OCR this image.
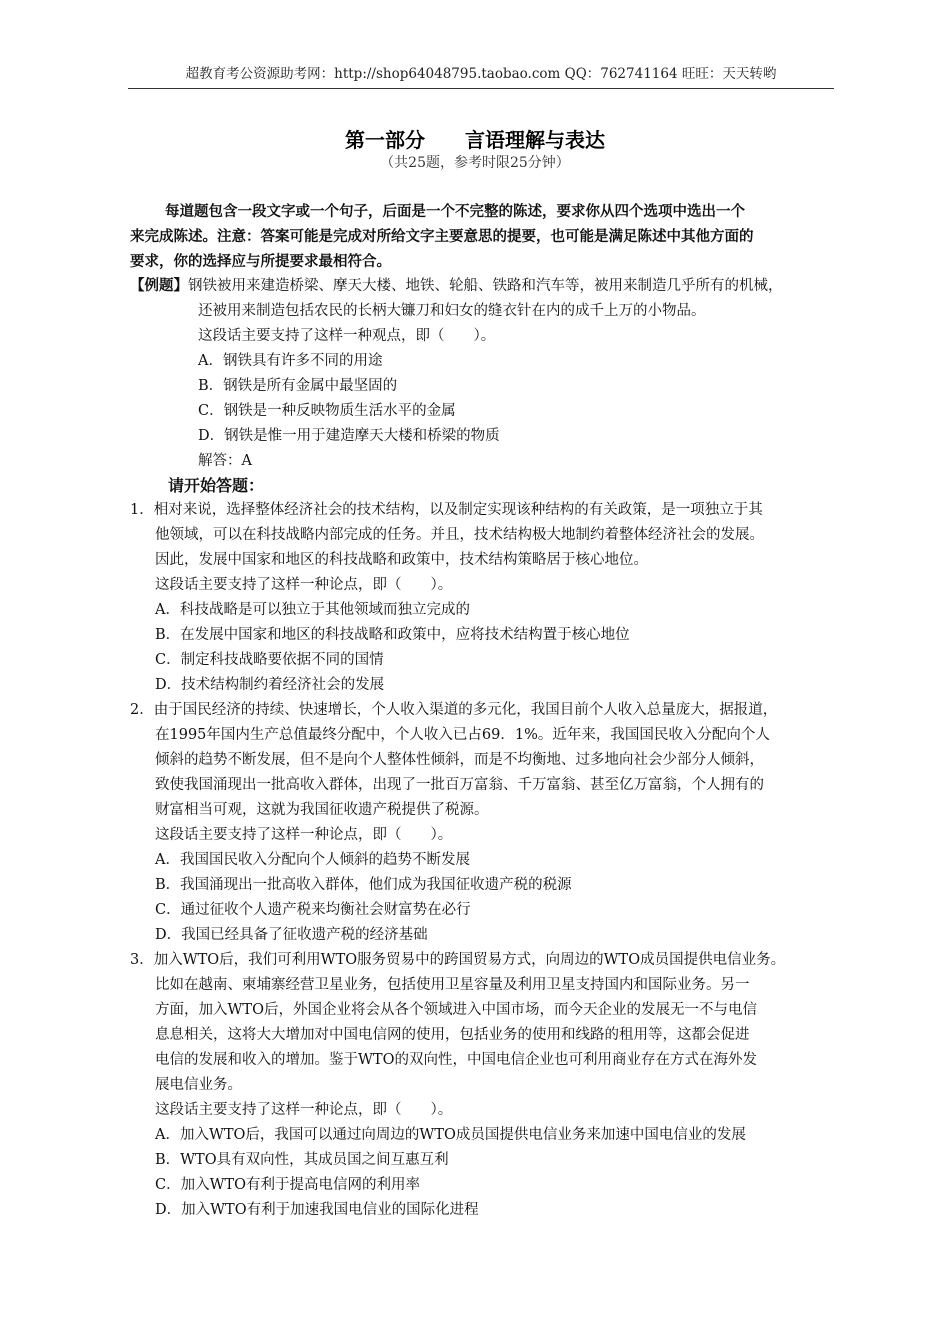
超教育考公资源助考网：http://shop64048795.taobao.com QQ：762741164 旺旺：天天转哟
第一部分　　言语理解与表达
（共25题，参考时限25分钟）
每道题包含一段文字或一个句子，后面是一个不完整的陈述，要求你从四个选项中选出一个
来完成陈述。注意：答案可能是完成对所给文字主要意思的提要，也可能是满足陈述中其他方面的
要求，你的选择应与所提要求最相符合。
【例题】钢铁被用来建造桥梁、摩天大楼、地铁、轮船、铁路和汽车等，被用来制造几乎所有的机械，
还被用来制造包括农民的长柄大镰刀和妇女的缝衣针在内的成千上万的小物品。
这段话主要支持了这样一种观点，即（　　）。
A．钢铁具有许多不同的用途
B．钢铁是所有金属中最坚固的
C．钢铁是一种反映物质生活水平的金属
D．钢铁是惟一用于建造摩天大楼和桥梁的物质
解答：A
请开始答题：
1．相对来说，选择整体经济社会的技术结构，以及制定实现该种结构的有关政策，是一项独立于其
他领域，可以在科技战略内部完成的任务。并且，技术结构极大地制约着整体经济社会的发展。
因此，发展中国家和地区的科技战略和政策中，技术结构策略居于核心地位。
这段话主要支持了这样一种论点，即（　　）。
A．科技战略是可以独立于其他领域而独立完成的
B．在发展中国家和地区的科技战略和政策中，应将技术结构置于核心地位
C．制定科技战略要依据不同的国情
D．技术结构制约着经济社会的发展
2．由于国民经济的持续、快速增长，个人收入渠道的多元化，我国目前个人收入总量庞大，据报道，
在1995年国内生产总值最终分配中，个人收入已占69．1%。近年来，我国国民收入分配向个人
倾斜的趋势不断发展，但不是向个人整体性倾斜，而是不均衡地、过多地向社会少部分人倾斜，
致使我国涌现出一批高收入群体，出现了一批百万富翁、千万富翁、甚至亿万富翁，个人拥有的
财富相当可观，这就为我国征收遗产税提供了税源。
这段话主要支持了这样一种论点，即（　　）。
A．我国国民收入分配向个人倾斜的趋势不断发展
B．我国涌现出一批高收入群体，他们成为我国征收遗产税的税源
C．通过征收个人遗产税来均衡社会财富势在必行
D．我国已经具备了征收遗产税的经济基础
3．加入WTO后，我们可利用WTO服务贸易中的跨国贸易方式，向周边的WTO成员国提供电信业务。
比如在越南、柬埔寨经营卫星业务，包括使用卫星容量及利用卫星支持国内和国际业务。另一
方面，加入WTO后，外国企业将会从各个领域进入中国市场，而今天企业的发展无一不与电信
息息相关，这将大大增加对中国电信网的使用，包括业务的使用和线路的租用等，这都会促进
电信的发展和收入的增加。鉴于WTO的双向性，中国电信企业也可利用商业存在方式在海外发
展电信业务。
这段话主要支持了这样一种论点，即（　　）。
A．加入WTO后，我国可以通过向周边的WTO成员国提供电信业务来加速中国电信业的发展
B．WTO具有双向性，其成员国之间互惠互利
C．加入WTO有利于提高电信网的利用率
D．加入WTO有利于加速我国电信业的国际化进程
